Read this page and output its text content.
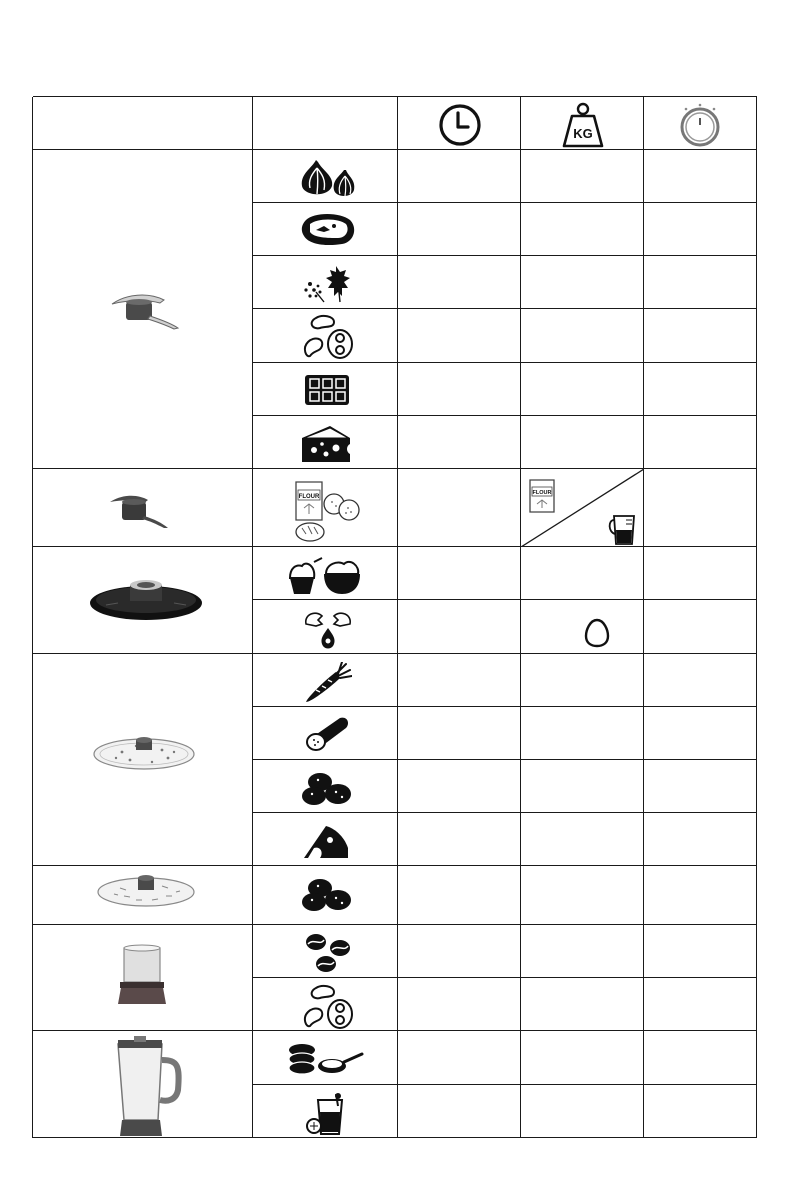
KG
FLOUR
FLOUR
